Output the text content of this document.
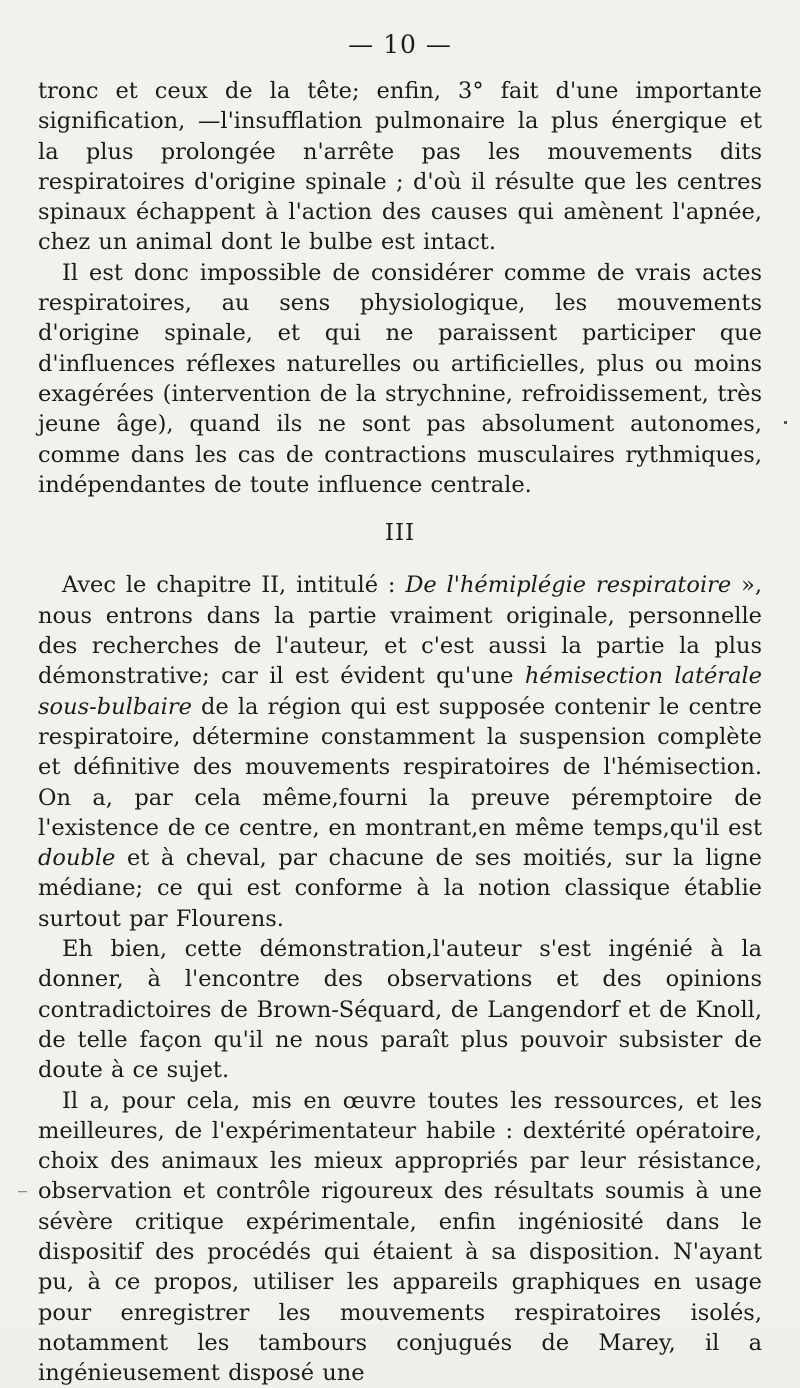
— 10 —

tronc et ceux de la tête; enfin, 3° fait d'une importante signification, —l'insufflation pulmonaire la plus énergique et la plus prolongée n'arrête pas les mouvements dits respiratoires d'origine spinale ; d'où il résulte que les centres spinaux échappent à l'action des causes qui amènent l'apnée, chez un animal dont le bulbe est intact.

Il est donc impossible de considérer comme de vrais actes respiratoires, au sens physiologique, les mouvements d'origine spinale, et qui ne paraissent participer que d'influences réflexes naturelles ou artificielles, plus ou moins exagérées (intervention de la strychnine, refroidissement, très jeune âge), quand ils ne sont pas absolument autonomes, comme dans les cas de contractions musculaires rythmiques, indépendantes de toute influence centrale.

III

Avec le chapitre II, intitulé : De l'hémiplégie respiratoire », nous entrons dans la partie vraiment originale, personnelle des recherches de l'auteur, et c'est aussi la partie la plus démonstrative; car il est évident qu'une hémisection latérale sous-bulbaire de la région qui est supposée contenir le centre respiratoire, détermine constamment la suspension complète et définitive des mouvements respiratoires de l'hémisection. On a, par cela même,fourni la preuve péremptoire de l'existence de ce centre, en montrant,en même temps,qu'il est double et à cheval, par chacune de ses moitiés, sur la ligne médiane; ce qui est conforme à la notion classique établie surtout par Flourens.

Eh bien, cette démonstration,l'auteur s'est ingénié à la donner, à l'encontre des observations et des opinions contradictoires de Brown-Séquard, de Langendorf et de Knoll, de telle façon qu'il ne nous paraît plus pouvoir subsister de doute à ce sujet.

Il a, pour cela, mis en œuvre toutes les ressources, et les meilleures, de l'expérimentateur habile : dextérité opératoire, choix des animaux les mieux appropriés par leur résistance, observation et contrôle rigoureux des résultats soumis à une sévère critique expérimentale, enfin ingéniosité dans le dispositif des procédés qui étaient à sa disposition. N'ayant pu, à ce propos, utiliser les appareils graphiques en usage pour enregistrer les mouvements respiratoires isolés, notamment les tambours conjugués de Marey, il a ingénieusement disposé une

_
